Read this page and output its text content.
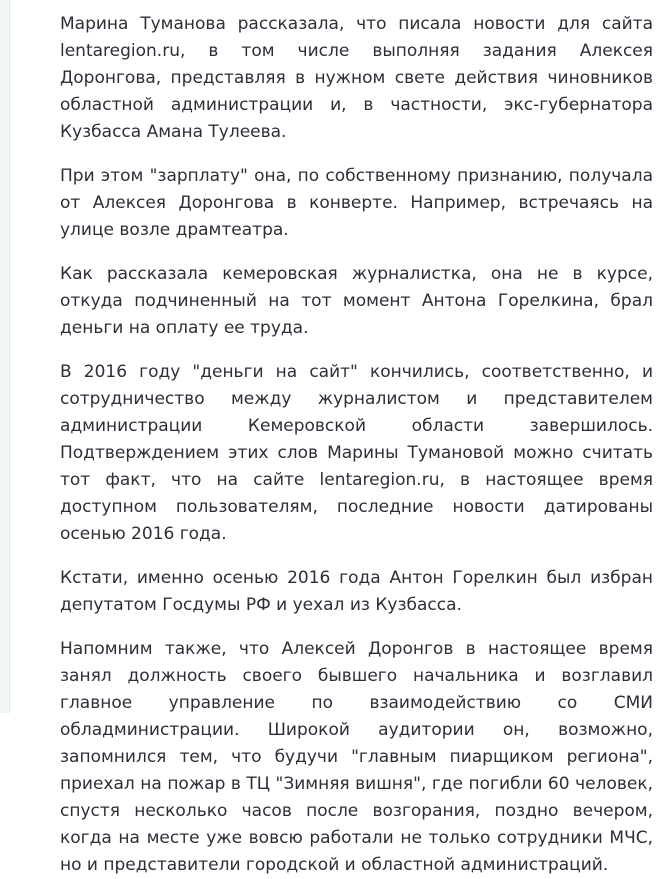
Марина Туманова рассказала, что писала новости для сайта lentaregion.ru, в том числе выполняя задания Алексея Доронгова, представляя в нужном свете действия чиновников областной администрации и, в частности, экс-губернатора Кузбасса Амана Тулеева.

При этом "зарплату" она, по собственному признанию, получала от Алексея Доронгова в конверте. Например, встречаясь на улице возле драмтеатра.

Как рассказала кемеровская журналистка, она не в курсе, откуда подчиненный на тот момент Антона Горелкина, брал деньги на оплату ее труда.

В 2016 году "деньги на сайт" кончились, соответственно, и сотрудничество между журналистом и представителем администрации Кемеровской области завершилось. Подтверждением этих слов Марины Тумановой можно считать тот факт, что на сайте lentaregion.ru, в настоящее время доступном пользователям, последние новости датированы осенью 2016 года.

Кстати, именно осенью 2016 года Антон Горелкин был избран депутатом Госдумы РФ и уехал из Кузбасса.

Напомним также, что Алексей Доронгов в настоящее время занял должность своего бывшего начальника и возглавил главное управление по взаимодействию со СМИ обладминистрации. Широкой аудитории он, возможно, запомнился тем, что будучи "главным пиарщиком региона", приехал на пожар в ТЦ "Зимняя вишня", где погибли 60 человек, спустя несколько часов после возгорания, поздно вечером, когда на месте уже вовсю работали не только сотрудники МЧС, но и представители городской и областной администраций.
